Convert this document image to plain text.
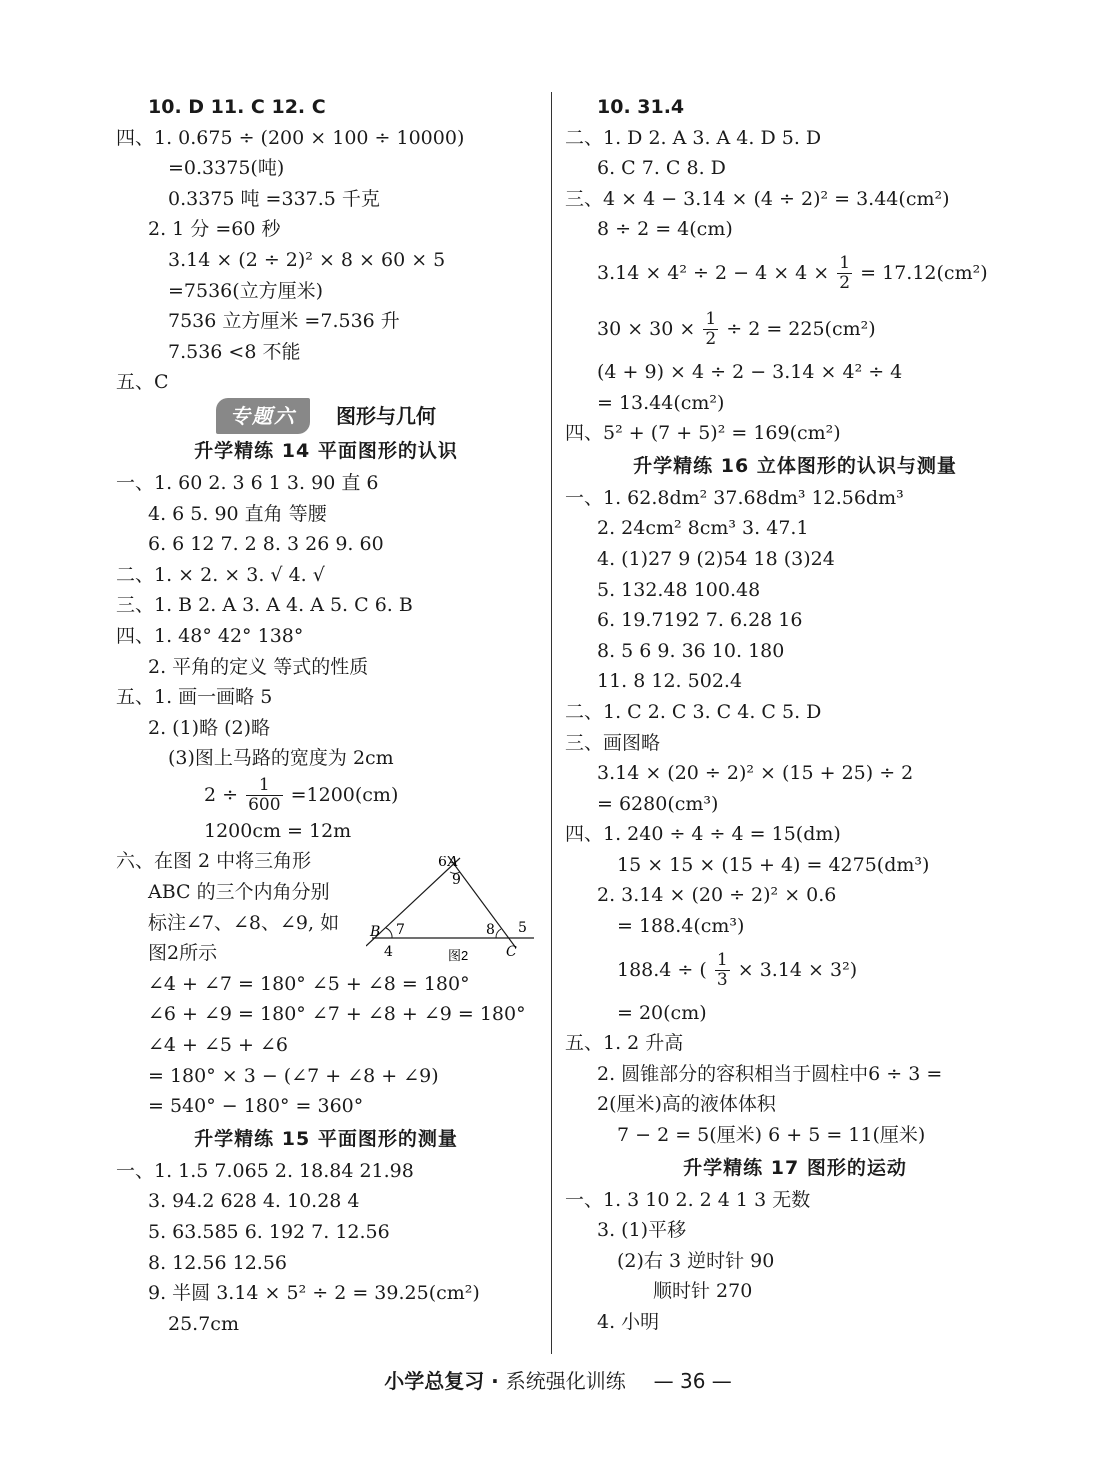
10. D 11. C 12. C
四、1. 0.675 ÷ (200 × 100 ÷ 10000)
=0.3375(吨)
0.3375 吨 =337.5 千克
2. 1 分 =60 秒
3.14 × (2 ÷ 2)² × 8 × 60 × 5
=7536(立方厘米)
7536 立方厘米 =7.536 升
7.536 <8 不能
五、C
专题六 图形与几何
升学精练 14 平面图形的认识
一、1. 60 2. 3 6 1 3. 90 直 6
4. 6 5. 90 直角 等腰
6. 6 12 7. 2 8. 3 26 9. 60
二、1. × 2. × 3. √ 4. √
三、1. B 2. A 3. A 4. A 5. C 6. B
四、1. 48° 42° 138°
2. 平角的定义 等式的性质
五、1. 画一画略 5
2. (1)略 (2)略
(3)图上马路的宽度为 2cm
$2 \div \frac{1}{600} =1200(cm)$
1200cm = 12m
六、在图 2 中将三角形
ABC 的三个内角分别
标注∠7、∠8、∠9, 如
图2所示
∠4 + ∠7 = 180° ∠5 + ∠8 = 180°
∠6 + ∠9 = 180° ∠7 + ∠8 + ∠9 = 180°
∠4 + ∠5 + ∠6
= 180° × 3 − (∠7 + ∠8 + ∠9)
= 540° − 180° = 360°
升学精练 15 平面图形的测量
一、1. 1.5 7.065 2. 18.84 21.98
3. 94.2 628 4. 10.28 4
5. 63.585 6. 192 7. 12.56
8. 12.56 12.56
9. 半圆 3.14 × 5² ÷ 2 = 39.25(cm²)
25.7cm
A
B
C
6
9
7
4
8 5
图2
10. 31.4
二、1. D 2. A 3. A 4. D 5. D
6. C 7. C 8. D
三、4 × 4 − 3.14 × (4 ÷ 2)² = 3.44(cm²)
8 ÷ 2 = 4(cm)
$3.14 \times 4^2 \div 2 - 4 \times 4 \times \frac{1}{2} = 17.12(cm^2)$
$30 \times 30 \times \frac{1}{2} \div 2 = 225(cm^2)$
(4 + 9) × 4 ÷ 2 − 3.14 × 4² ÷ 4
= 13.44(cm²)
四、5² + (7 + 5)² = 169(cm²)
升学精练 16 立体图形的认识与测量
一、1. 62.8dm² 37.68dm³ 12.56dm³
2. 24cm² 8cm³ 3. 47.1
4. (1)27 9 (2)54 18 (3)24
5. 132.48 100.48
6. 19.7192 7. 6.28 16
8. 5 6 9. 36 10. 180
11. 8 12. 502.4
二、1. C 2. C 3. C 4. C 5. D
三、画图略
3.14 × (20 ÷ 2)² × (15 + 25) ÷ 2
= 6280(cm³)
四、1. 240 ÷ 4 ÷ 4 = 15(dm)
15 × 15 × (15 + 4) = 4275(dm³)
2. 3.14 × (20 ÷ 2)² × 0.6
= 188.4(cm³)
188.4 ÷ ( $\frac{1}{3} \times 3.14 \times 3^2$)
= 20(cm)
五、1. 2 升高
2. 圆锥部分的容积相当于圆柱中6 ÷ 3 =
2(厘米)高的液体体积
7 − 2 = 5(厘米) 6 + 5 = 11(厘米)
升学精练 17 图形的运动
一、1. 3 10 2. 2 4 1 3 无数
3. (1)平移
(2)右 3 逆时针 90
顺时针 270
4. 小明
小学总复习 · 系统强化训练 — 36 —
